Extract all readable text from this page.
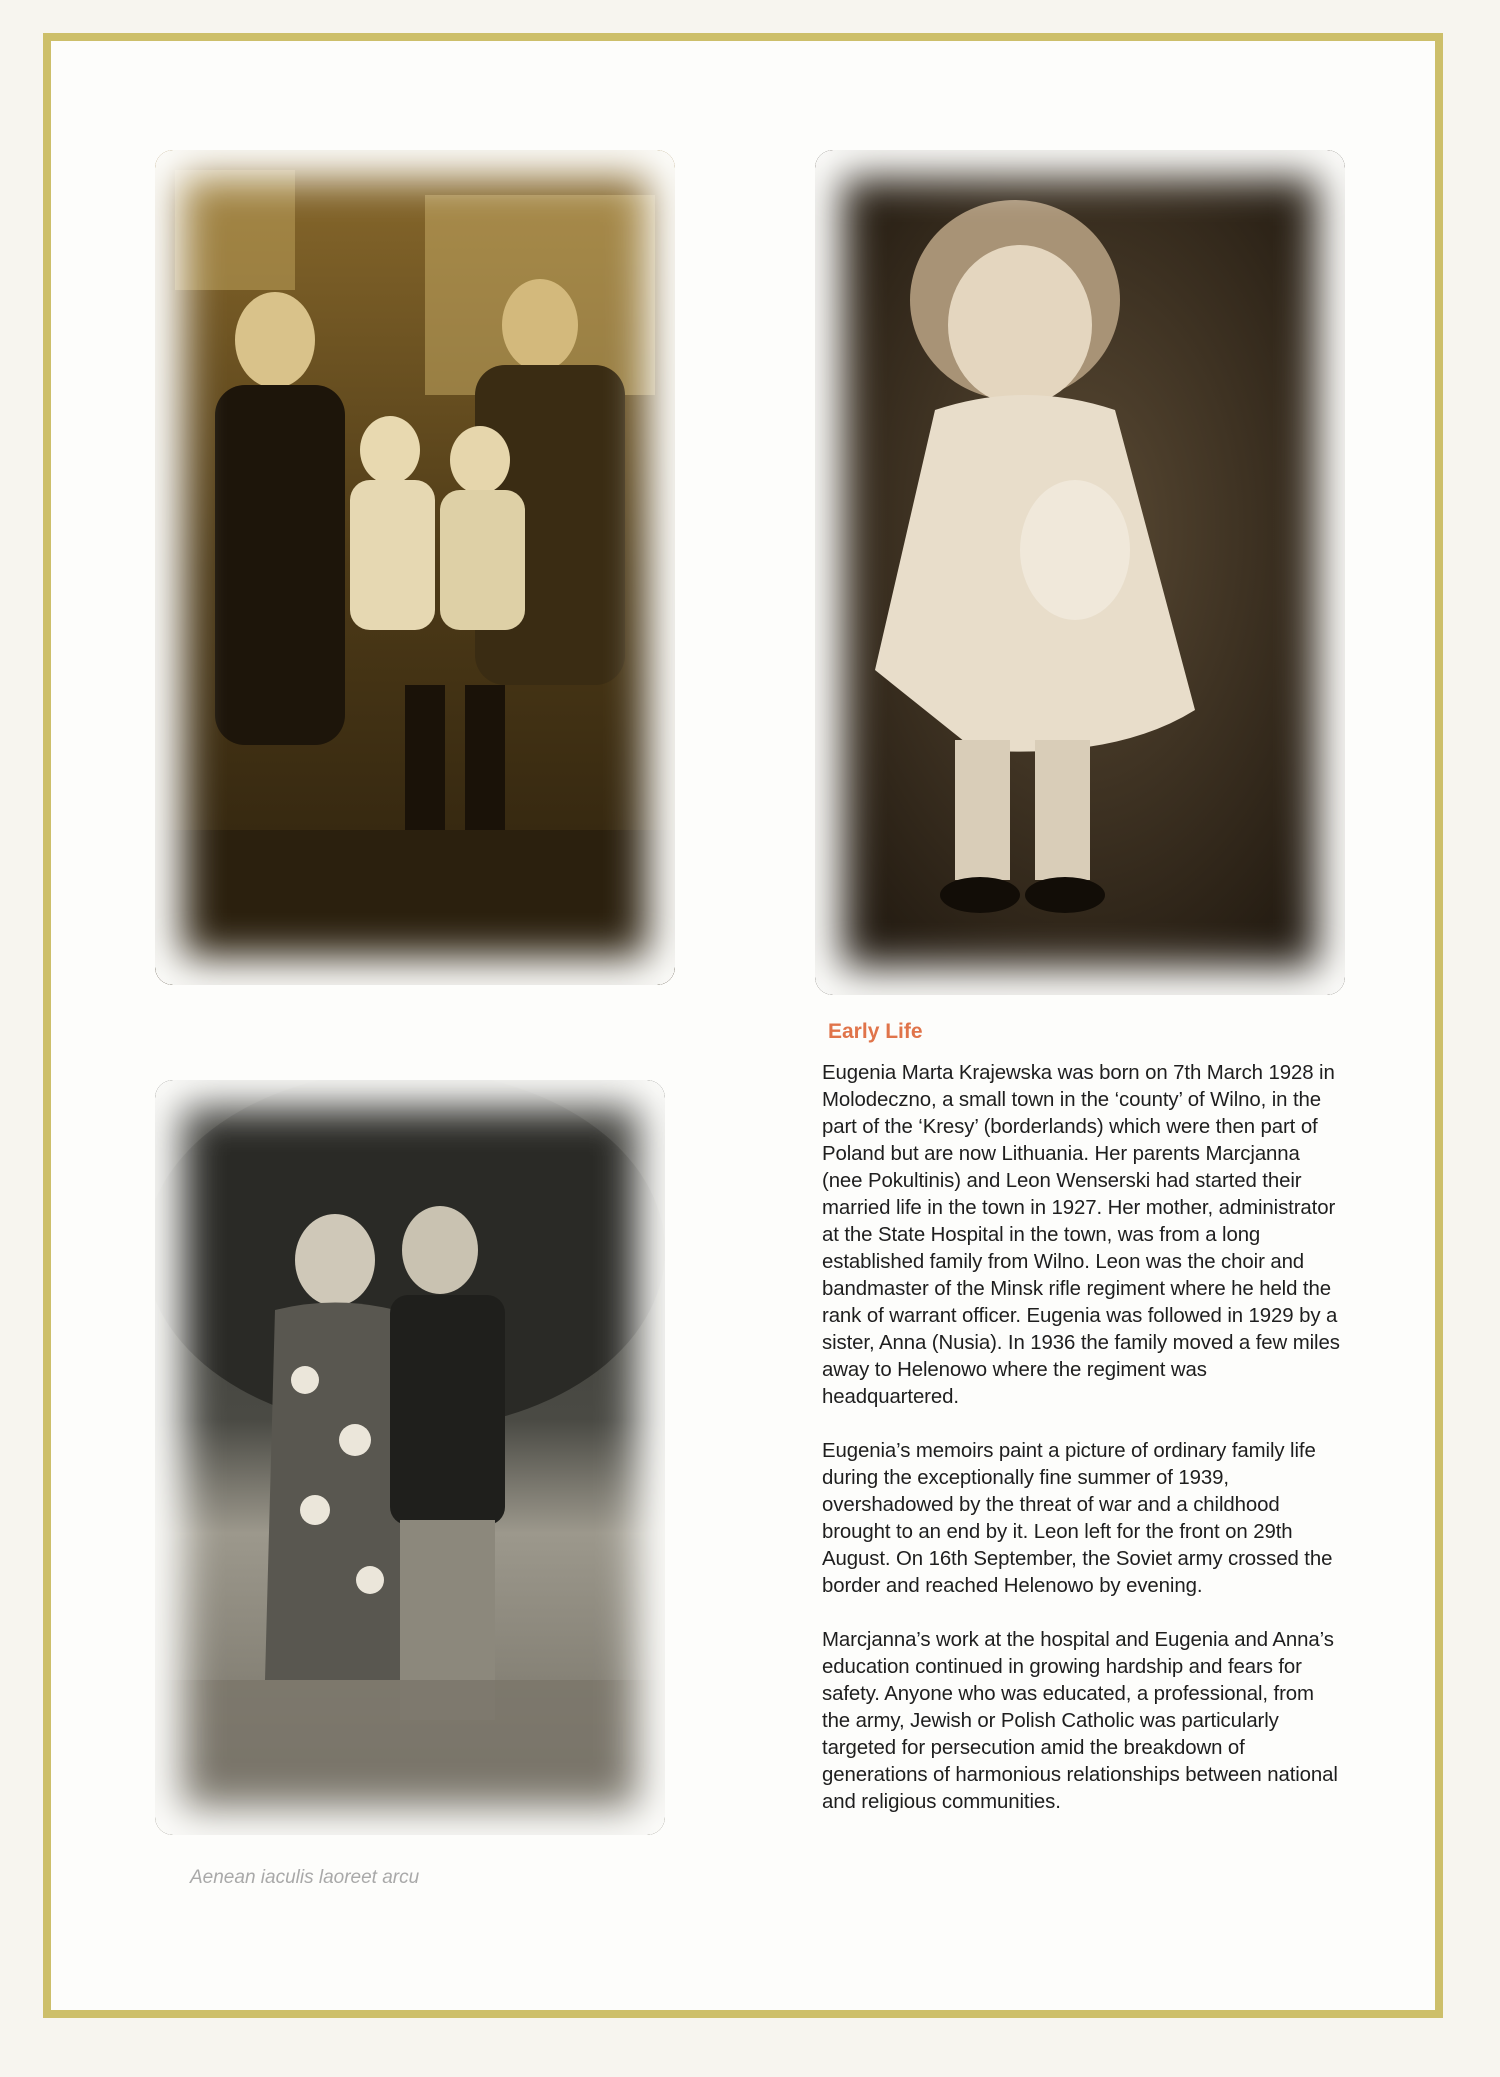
Aenean iaculis laoreet arcu

Early Life

Eugenia Marta Krajewska was born on 7th March 1928 in Molodeczno, a small town in the ‘county’ of Wilno, in the part of the ‘Kresy’ (borderlands) which were then part of Poland but are now Lithuania. Her parents Marcjanna (nee Pokultinis) and Leon Wenserski had started their married life in the town in 1927. Her mother, administrator at the State Hospital in the town, was from a long established family from Wilno. Leon was the choir and bandmaster of the Minsk rifle regiment where he held the rank of warrant officer. Eugenia was followed in 1929 by a sister, Anna (Nusia). In 1936 the family moved a few miles away to Helenowo where the regiment was headquartered.

Eugenia’s memoirs paint a picture of ordinary family life during the exceptionally fine summer of 1939, overshadowed by the threat of war and a childhood brought to an end by it. Leon left for the front on 29th August. On 16th September, the Soviet army crossed the border and reached Helenowo by evening.

Marcjanna’s work at the hospital and Eugenia and Anna’s education continued in growing hardship and fears for safety. Anyone who was educated, a professional, from the army, Jewish or Polish Catholic was particularly targeted for persecution amid the breakdown of generations of harmonious relationships between national and religious communities.
